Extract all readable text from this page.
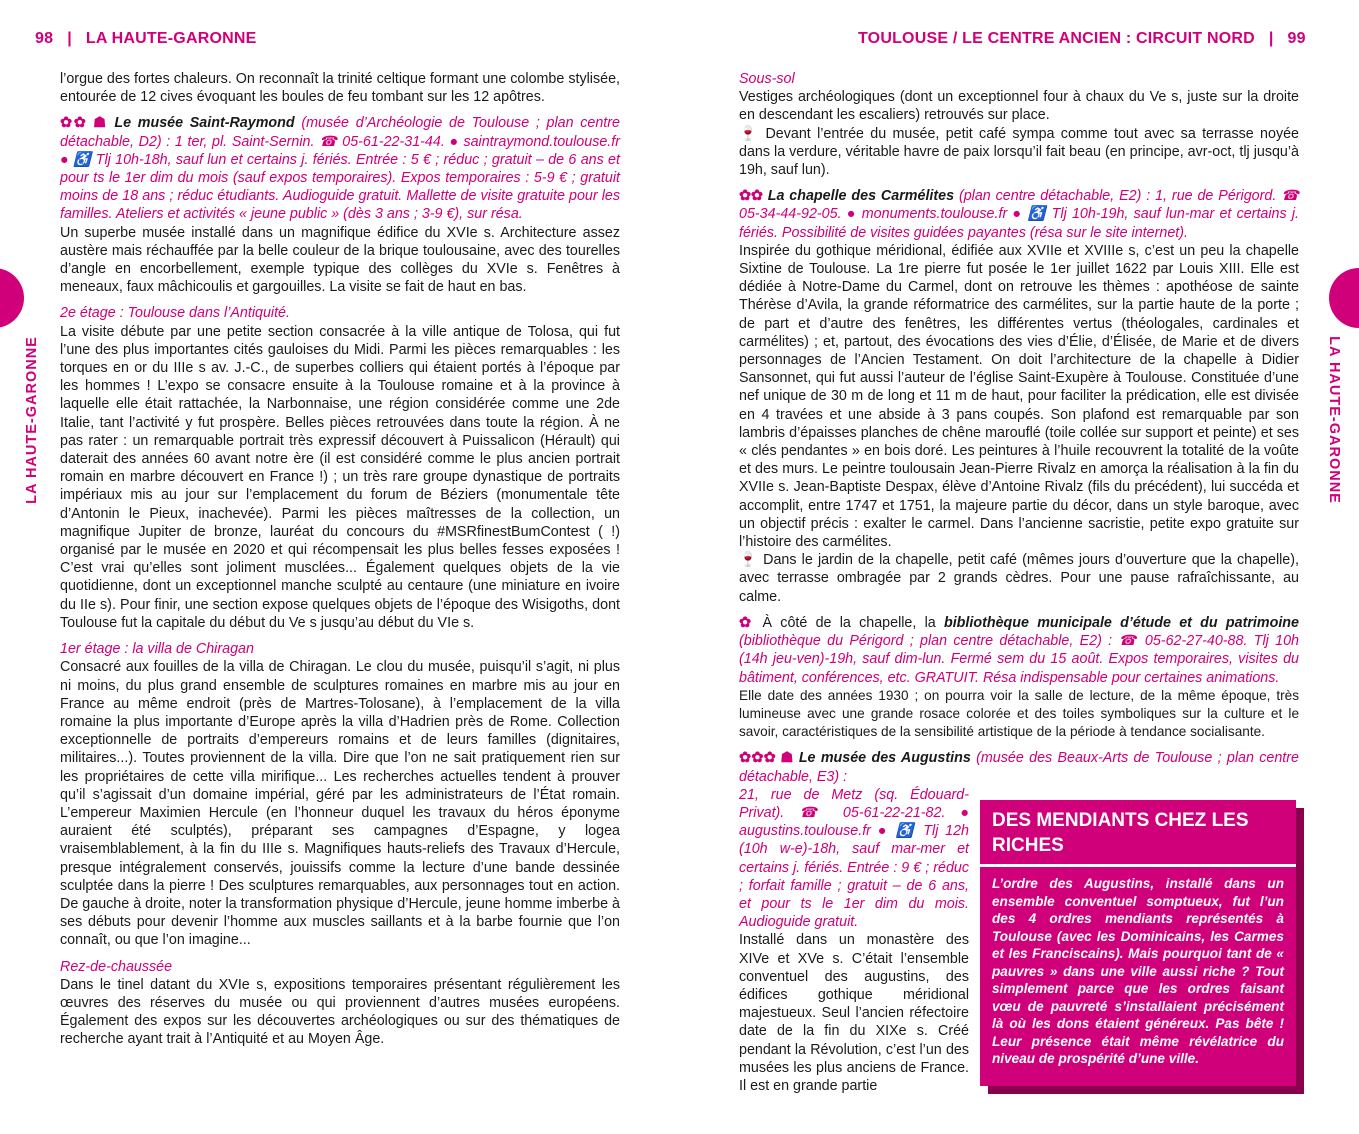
98 | LA HAUTE-GARONNE	TOULOUSE / LE CENTRE ANCIEN : CIRCUIT NORD | 99
LA HAUTE-GARONNE	LA HAUTE-GARONNE

l’orgue des fortes chaleurs. On reconnaît la trinité celtique formant une colombe stylisée, entourée de 12 cives évoquant les boules de feu tombant sur les 12 apôtres.

✿✿ ☗ Le musée Saint-Raymond (musée d’Archéologie de Toulouse ; plan centre détachable, D2) : 1 ter, pl. Saint-Sernin. ☎ 05-61-22-31-44. ● saintraymond.toulouse.fr ● ♿ Tlj 10h-18h, sauf lun et certains j. fériés. Entrée : 5 € ; réduc ; gratuit – de 6 ans et pour ts le 1er dim du mois (sauf expos temporaires). Expos temporaires : 5-9 € ; gratuit moins de 18 ans ; réduc étudiants. Audioguide gratuit. Mallette de visite gratuite pour les familles. Ateliers et activités « jeune public » (dès 3 ans ; 3-9 €), sur résa.

Un superbe musée installé dans un magnifique édifice du XVIe s. Architecture assez austère mais réchauffée par la belle couleur de la brique toulousaine, avec des tourelles d’angle en encorbellement, exemple typique des collèges du XVIe s. Fenêtres à meneaux, faux mâchicoulis et gargouilles. La visite se fait de haut en bas.

2e étage : Toulouse dans l’Antiquité.

La visite débute par une petite section consacrée à la ville antique de Tolosa, qui fut l’une des plus importantes cités gauloises du Midi. Parmi les pièces remarquables : les torques en or du IIIe s av. J.-C., de superbes colliers qui étaient portés à l’époque par les hommes ! L’expo se consacre ensuite à la Toulouse romaine et à la province à laquelle elle était rattachée, la Narbonnaise, une région considérée comme une 2de Italie, tant l’activité y fut prospère. Belles pièces retrouvées dans toute la région. À ne pas rater : un remarquable portrait très expressif découvert à Puissalicon (Hérault) qui daterait des années 60 avant notre ère (il est considéré comme le plus ancien portrait romain en marbre découvert en France !) ; un très rare groupe dynastique de portraits impériaux mis au jour sur l’emplacement du forum de Béziers (monumentale tête d’Antonin le Pieux, inachevée). Parmi les pièces maîtresses de la collection, un magnifique Jupiter de bronze, lauréat du concours du #MSRfinestBumContest ( !) organisé par le musée en 2020 et qui récompensait les plus belles fesses exposées ! C’est vrai qu’elles sont joliment musclées... Également quelques objets de la vie quotidienne, dont un exceptionnel manche sculpté au centaure (une miniature en ivoire du IIe s). Pour finir, une section expose quelques objets de l’époque des Wisigoths, dont Toulouse fut la capitale du début du Ve s jusqu’au début du VIe s.

1er étage : la villa de Chiragan

Consacré aux fouilles de la villa de Chiragan. Le clou du musée, puisqu’il s’agit, ni plus ni moins, du plus grand ensemble de sculptures romaines en marbre mis au jour en France au même endroit (près de Martres-Tolosane), à l’emplacement de la villa romaine la plus importante d’Europe après la villa d’Hadrien près de Rome. Collection exceptionnelle de portraits d’empereurs romains et de leurs familles (dignitaires, militaires...). Toutes proviennent de la villa. Dire que l’on ne sait pratiquement rien sur les propriétaires de cette villa mirifique... Les recherches actuelles tendent à prouver qu’il s’agissait d’un domaine impérial, géré par les administrateurs de l’État romain. L’empereur Maximien Hercule (en l’honneur duquel les travaux du héros éponyme auraient été sculptés), préparant ses campagnes d’Espagne, y logea vraisemblablement, à la fin du IIIe s. Magnifiques hauts-reliefs des Travaux d’Hercule, presque intégralement conservés, jouissifs comme la lecture d’une bande dessinée sculptée dans la pierre ! Des sculptures remarquables, aux personnages tout en action. De gauche à droite, noter la transformation physique d’Hercule, jeune homme imberbe à ses débuts pour devenir l’homme aux muscles saillants et à la barbe fournie que l’on connaît, ou que l’on imagine...

Rez-de-chaussée

Dans le tinel datant du XVIe s, expositions temporaires présentant régulièrement les œuvres des réserves du musée ou qui proviennent d’autres musées européens. Également des expos sur les découvertes archéologiques ou sur des thématiques de recherche ayant trait à l’Antiquité et au Moyen Âge.

Sous-sol

Vestiges archéologiques (dont un exceptionnel four à chaux du Ve s, juste sur la droite en descendant les escaliers) retrouvés sur place.

🍷 Devant l’entrée du musée, petit café sympa comme tout avec sa terrasse noyée dans la verdure, véritable havre de paix lorsqu’il fait beau (en principe, avr-oct, tlj jusqu’à 19h, sauf lun).

✿✿ La chapelle des Carmélites (plan centre détachable, E2) : 1, rue de Périgord. ☎ 05-34-44-92-05. ● monuments.toulouse.fr ● ♿ Tlj 10h-19h, sauf lun-mar et certains j. fériés. Possibilité de visites guidées payantes (résa sur le site internet).

Inspirée du gothique méridional, édifiée aux XVIIe et XVIIIe s, c’est un peu la chapelle Sixtine de Toulouse. La 1re pierre fut posée le 1er juillet 1622 par Louis XIII. Elle est dédiée à Notre-Dame du Carmel, dont on retrouve les thèmes : apothéose de sainte Thérèse d’Avila, la grande réformatrice des carmélites, sur la partie haute de la porte ; de part et d’autre des fenêtres, les différentes vertus (théologales, cardinales et carmélites) ; et, partout, des évocations des vies d’Élie, d’Élisée, de Marie et de divers personnages de l’Ancien Testament. On doit l’architecture de la chapelle à Didier Sansonnet, qui fut aussi l’auteur de l’église Saint-Exupère à Toulouse. Constituée d’une nef unique de 30 m de long et 11 m de haut, pour faciliter la prédication, elle est divisée en 4 travées et une abside à 3 pans coupés. Son plafond est remarquable par son lambris d’épaisses planches de chêne marouflé (toile collée sur support et peinte) et ses « clés pendantes » en bois doré. Les peintures à l’huile recouvrent la totalité de la voûte et des murs. Le peintre toulousain Jean-Pierre Rivalz en amorça la réalisation à la fin du XVIIe s. Jean-Baptiste Despax, élève d’Antoine Rivalz (fils du précédent), lui succéda et accomplit, entre 1747 et 1751, la majeure partie du décor, dans un style baroque, avec un objectif précis : exalter le carmel. Dans l’ancienne sacristie, petite expo gratuite sur l’histoire des carmélites.

🍷 Dans le jardin de la chapelle, petit café (mêmes jours d’ouverture que la chapelle), avec terrasse ombragée par 2 grands cèdres. Pour une pause rafraîchissante, au calme.

✿ À côté de la chapelle, la bibliothèque municipale d’étude et du patrimoine (bibliothèque du Périgord ; plan centre détachable, E2) : ☎ 05-62-27-40-88. Tlj 10h (14h jeu-ven)-19h, sauf dim-lun. Fermé sem du 15 août. Expos temporaires, visites du bâtiment, conférences, etc. GRATUIT. Résa indispensable pour certaines animations.

Elle date des années 1930 ; on pourra voir la salle de lecture, de la même époque, très lumineuse avec une grande rosace colorée et des toiles symboliques sur la culture et le savoir, caractéristiques de la sensibilité artistique de la période à tendance socialisante.

✿✿✿ ☗ Le musée des Augustins (musée des Beaux-Arts de Toulouse ; plan centre détachable, E3) :

21, rue de Metz (sq. Édouard-Privat). ☎ 05-61-22-21-82. ● augustins.toulouse.fr ● ♿ Tlj 12h (10h w-e)-18h, sauf mar-mer et certains j. fériés. Entrée : 9 € ; réduc ; forfait famille ; gratuit – de 6 ans, et pour ts le 1er dim du mois. Audioguide gratuit.

Installé dans un monastère des XIVe et XVe s. C’était l’ensemble conventuel des augustins, des édifices gothique méridional majestueux. Seul l’ancien réfectoire date de la fin du XIXe s. Créé pendant la Révolution, c’est l’un des musées les plus anciens de France. Il est en grande partie

DES MENDIANTS CHEZ LES RICHES
L’ordre des Augustins, installé dans un ensemble conventuel somptueux, fut l’un des 4 ordres mendiants représentés à Toulouse (avec les Dominicains, les Carmes et les Franciscains). Mais pourquoi tant de « pauvres » dans une ville aussi riche ? Tout simplement parce que les ordres faisant vœu de pauvreté s’installaient précisément là où les dons étaient généreux. Pas bête ! Leur présence était même révélatrice du niveau de prospérité d’une ville.
